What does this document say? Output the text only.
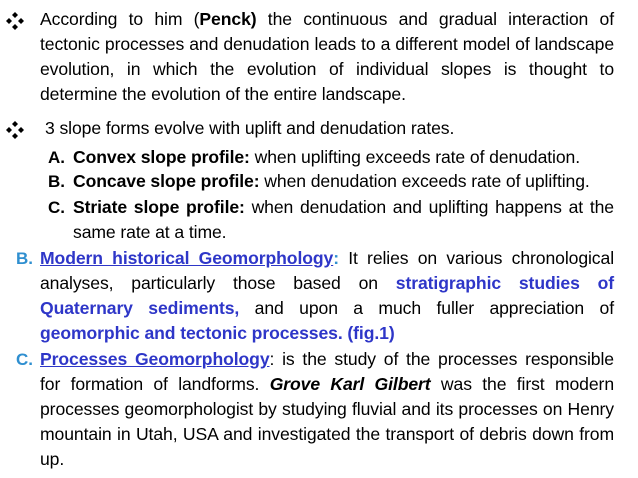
According to him (Penck) the continuous and gradual interaction of
tectonic processes and denudation leads to a different model of landscape
evolution, in which the evolution of individual slopes is thought to
determine the evolution of the entire landscape.
3 slope forms evolve with uplift and denudation rates.
A. Convex slope profile: when uplifting exceeds rate of denudation.
B. Concave slope profile: when denudation exceeds rate of uplifting.
C. Striate slope profile: when denudation and uplifting happens at the
same rate at a time.
B. Modern historical Geomorphology: It relies on various chronological
analyses, particularly those based on stratigraphic studies of
Quaternary sediments, and upon a much fuller appreciation of
geomorphic and tectonic processes. (fig.1)
C. Processes Geomorphology: is the study of the processes responsible
for formation of landforms. Grove Karl Gilbert was the first modern
processes geomorphologist by studying fluvial and its processes on Henry
mountain in Utah, USA and investigated the transport of debris down from
up.
